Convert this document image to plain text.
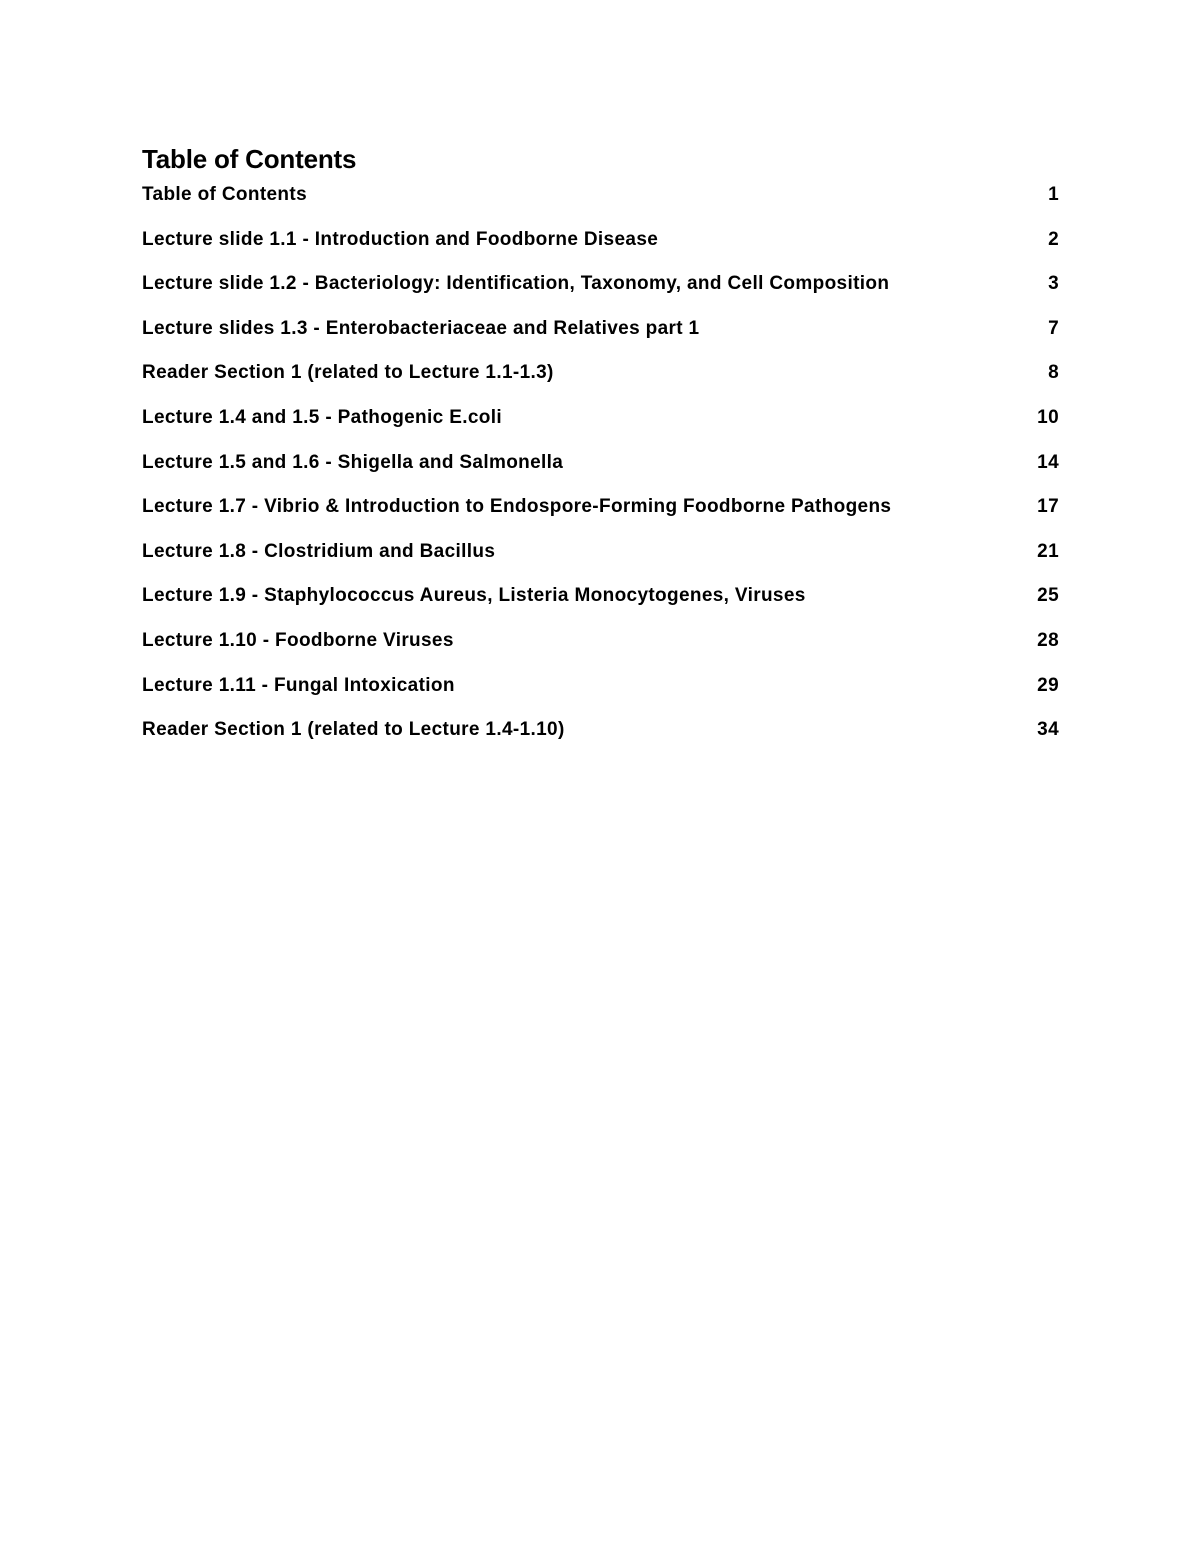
Table of Contents
Table of Contents	1
Lecture slide 1.1 - Introduction and Foodborne Disease	2
Lecture slide 1.2 - Bacteriology: Identification, Taxonomy, and Cell Composition	3
Lecture slides 1.3 - Enterobacteriaceae and Relatives part 1	7
Reader Section 1 (related to Lecture 1.1-1.3)	8
Lecture 1.4 and 1.5 - Pathogenic E.coli	10
Lecture 1.5 and 1.6 - Shigella and Salmonella	14
Lecture 1.7 - Vibrio & Introduction to Endospore-Forming Foodborne Pathogens	17
Lecture 1.8 - Clostridium and Bacillus	21
Lecture 1.9 - Staphylococcus Aureus, Listeria Monocytogenes, Viruses	25
Lecture 1.10 - Foodborne Viruses	28
Lecture 1.11 - Fungal Intoxication	29
Reader Section 1 (related to Lecture 1.4-1.10)	34
